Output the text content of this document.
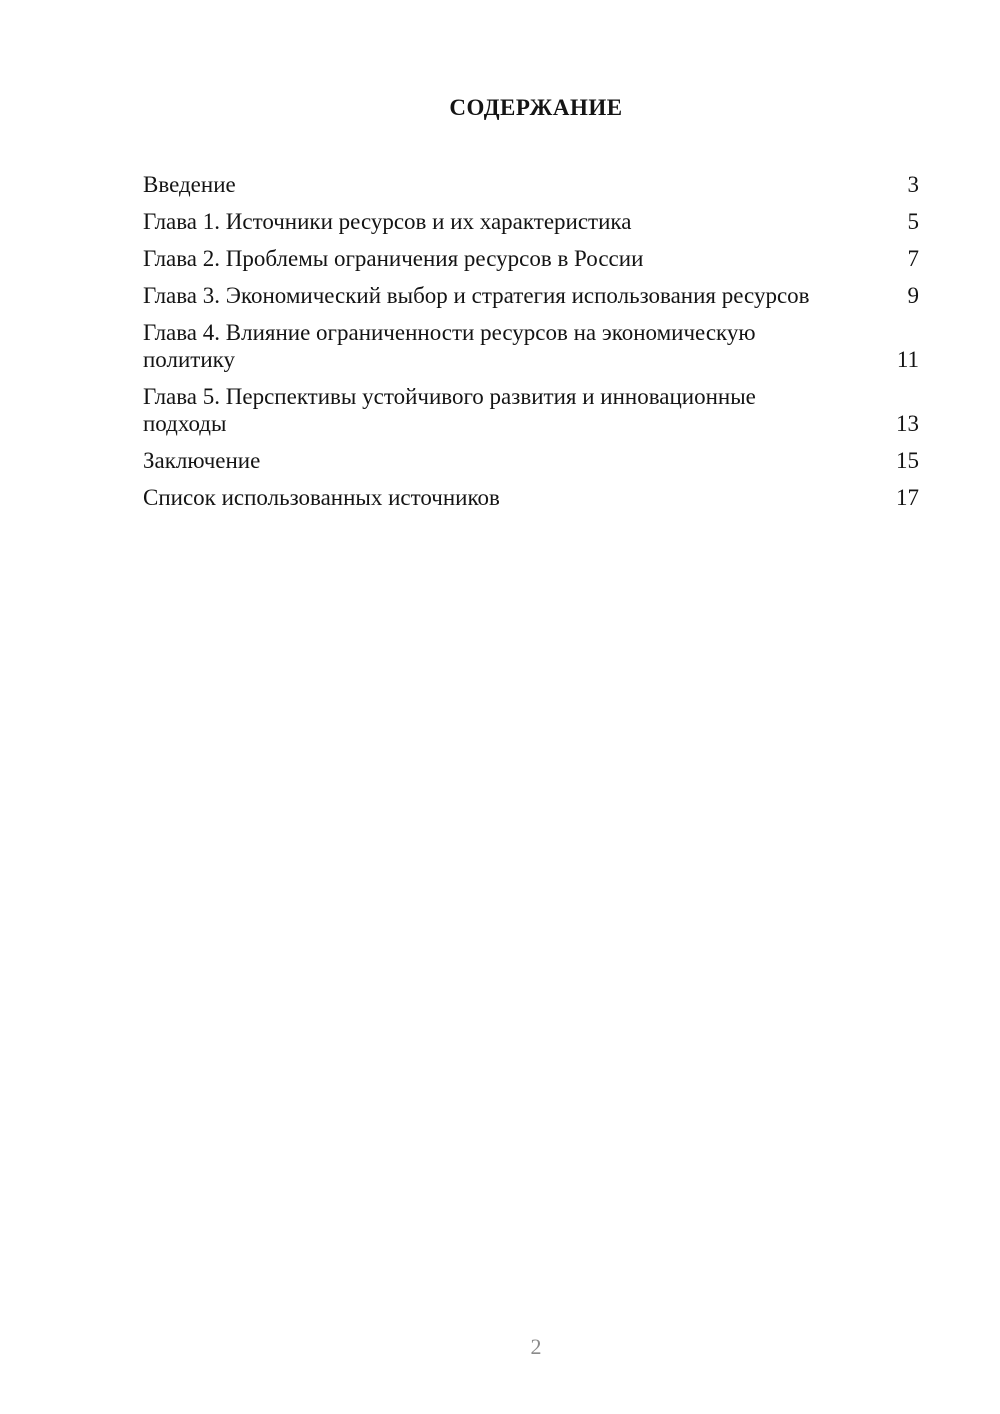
СОДЕРЖАНИЕ
Введение	3
Глава 1. Источники ресурсов и их характеристика	5
Глава 2. Проблемы ограничения ресурсов в России	7
Глава 3. Экономический выбор и стратегия использования ресурсов	9
Глава 4. Влияние ограниченности ресурсов на экономическую политику	11
Глава 5. Перспективы устойчивого развития и инновационные подходы	13
Заключение	15
Список использованных источников	17
2
